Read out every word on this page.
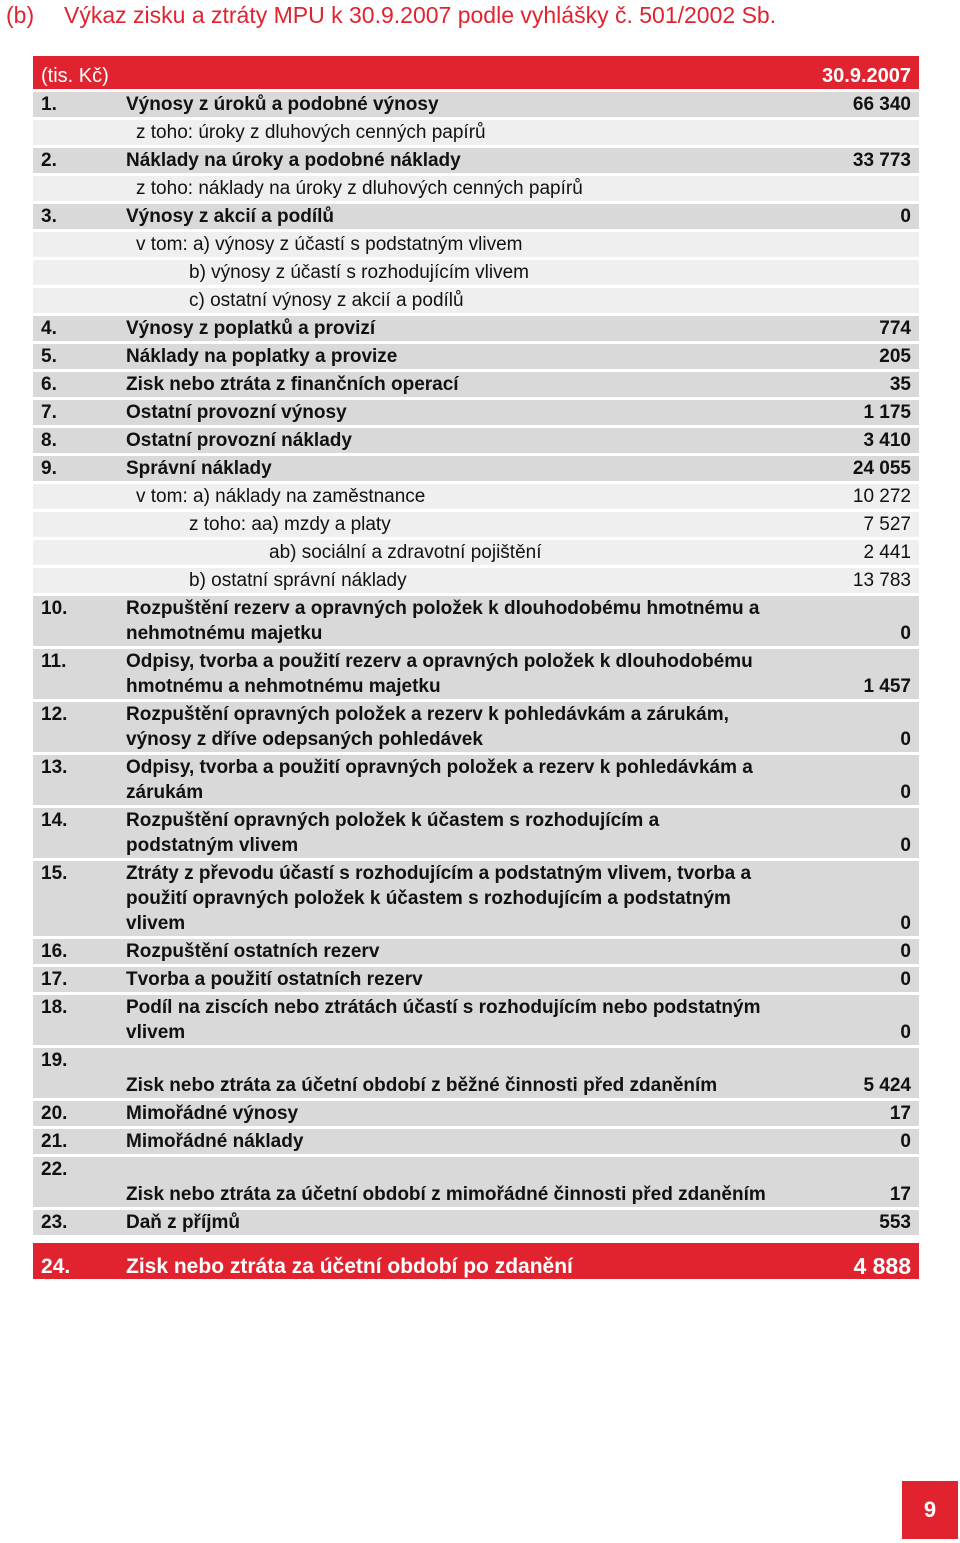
(b) Výkaz zisku a ztráty MPU k 30.9.2007 podle vyhlášky č. 501/2002 Sb.
(tis. Kč)		30.9.2007
1.	Výnosy z úroků a podobné výnosy	66 340
	z toho: úroky z dluhových cenných papírů	
2.	Náklady na úroky a podobné náklady	33 773
	z toho: náklady na úroky z dluhových cenných papírů	
3.	Výnosy z akcií a podílů	0
	v tom: a) výnosy z účastí s podstatným vlivem	
	b) výnosy z účastí s rozhodujícím vlivem	
	c) ostatní výnosy z akcií a podílů	
4.	Výnosy z poplatků a provizí	774
5.	Náklady na poplatky a provize	205
6.	Zisk nebo ztráta z finančních operací	35
7.	Ostatní provozní výnosy	1 175
8.	Ostatní provozní náklady	3 410
9.	Správní náklady	24 055
	v tom: a) náklady na zaměstnance	10 272
	z toho: aa) mzdy a platy	7 527
	ab) sociální a zdravotní pojištění	2 441
	b) ostatní správní náklady	13 783
10.	Rozpuštění rezerv a opravných položek k dlouhodobému hmotnému a nehmotnému majetku	0
11.	Odpisy, tvorba a použití rezerv a opravných položek k dlouhodobému hmotnému a nehmotnému majetku	1 457
12.	Rozpuštění opravných položek a rezerv k pohledávkám a zárukám, výnosy z dříve odepsaných pohledávek	0
13.	Odpisy, tvorba a použití opravných položek a rezerv k pohledávkám a zárukám	0
14.	Rozpuštění opravných položek k účastem s rozhodujícím a podstatným vlivem	0
15.	Ztráty z převodu účastí s rozhodujícím a podstatným vlivem, tvorba a použití opravných položek k účastem s rozhodujícím a podstatným vlivem	0
16.	Rozpuštění ostatních rezerv	0
17.	Tvorba a použití ostatních rezerv	0
18.	Podíl na ziscích nebo ztrátách účastí s rozhodujícím nebo podstatným vlivem	0
19.	Zisk nebo ztráta za účetní období z běžné činnosti před zdaněním	5 424
20.	Mimořádné výnosy	17
21.	Mimořádné náklady	0
22.	Zisk nebo ztráta za účetní období z mimořádné činnosti před zdaněním	17
23.	Daň z příjmů	553
24.	Zisk nebo ztráta za účetní období po zdanění	4 888
9
